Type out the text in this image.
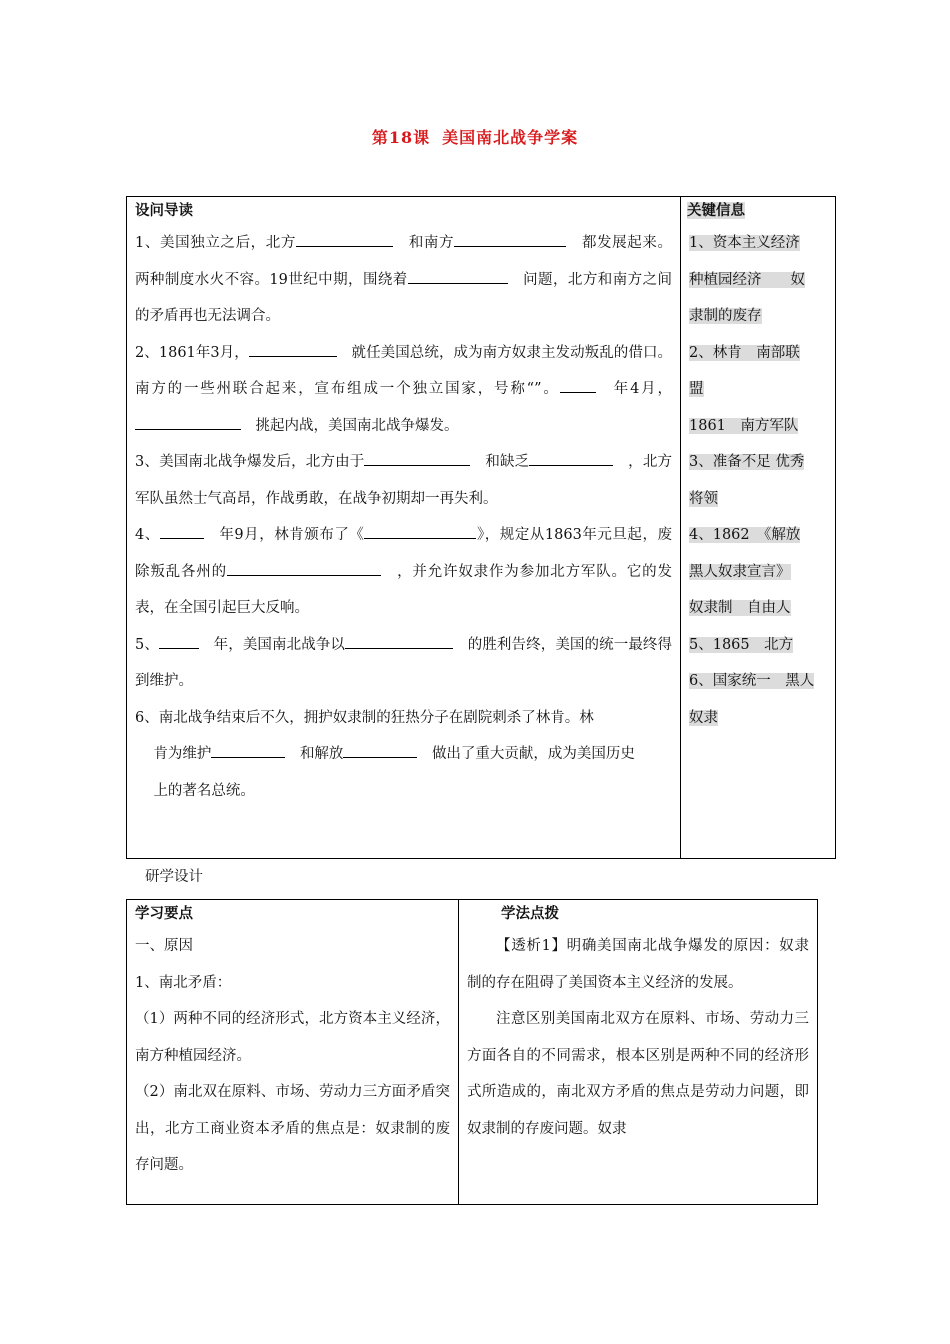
第18课 美国南北战争学案
设问导读
1、美国独立之后，北方　	和南方　	都发展起来。两种制度水火不容。19世纪中期，围绕着　	问题，北方和南方之间的矛盾再也无法调合。
2、1861年3月，　	就任美国总统，成为南方奴隶主发动叛乱的借口。南方的一些州联合起来，宣布组成一个独立国家，号称“”。　	年4月，　挑起内战，美国南北战争爆发。
3、美国南北战争爆发后，北方由于　	和缺乏　	，北方军队虽然士气高昂，作战勇敢，在战争初期却一再失利。
4、　	年9月，林肯颁布了《	》，规定从1863年元旦起，废除叛乱各州的　	，并允许奴隶作为参加北方军队。它的发表，在全国引起巨大反响。
5、　	年，美国南北战争以　	的胜利告终，美国的统一最终得到维护。
6、南北战争结束后不久，拥护奴隶制的狂热分子在剧院刺杀了林肯。林
肯为维护　	和解放　	做出了重大贡献，成为美国历史
上的著名总统。

关键信息

1、资本主义经济

种植园经济　　奴

隶制的废存

2、林肯　南部联

盟

1861　南方军队

3、准备不足 优秀

将领

4、1862　《解放

黑人奴隶宣言》

奴隶制　自由人

5、1865　北方

6、国家统一　黑人

奴隶

研学设计
学习要点

一、原因

1、南北矛盾：

（1）两种不同的经济形式，北方资本主义经济，南方种植园经济。

（2）南北双在原料、市场、劳动力三方面矛盾突出，北方工商业资本矛盾的焦点是：奴隶制的废存问题。

学法点拨

【透析1】明确美国南北战争爆发的原因：奴隶制的存在阻碍了美国资本主义经济的发展。

注意区别美国南北双方在原料、市场、劳动力三方面各自的不同需求，根本区别是两种不同的经济形式所造成的，南北双方矛盾的焦点是劳动力问题，即奴隶制的存废问题。奴隶
